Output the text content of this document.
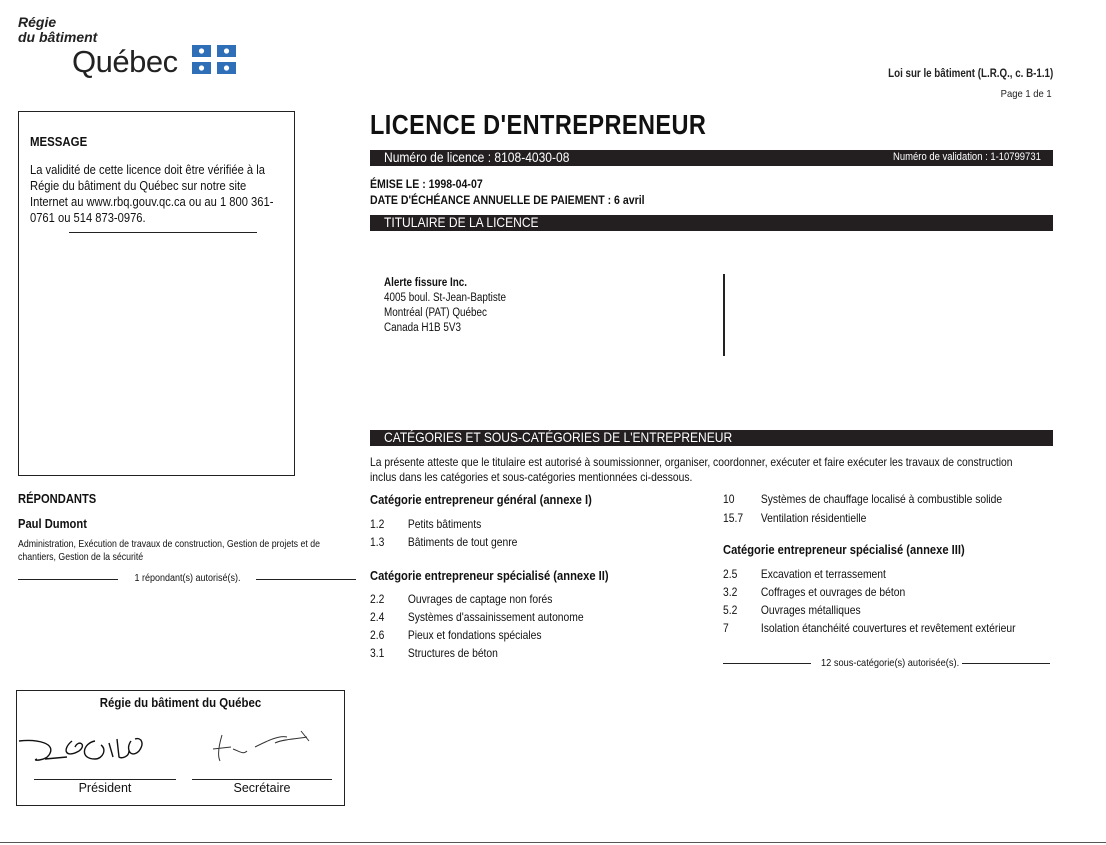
Régie
du bâtiment
Québec	Loi sur le bâtiment (L.R.Q., c. B-1.1)
Page 1 de 1
MESSAGE
La validité de cette licence doit être vérifiée à la Régie du bâtiment du Québec sur notre site Internet au www.rbq.gouv.qc.ca ou au 1 800 361-0761 ou 514 873-0976.
RÉPONDANTS
Paul Dumont
Administration, Exécution de travaux de construction, Gestion de projets et de chantiers, Gestion de la sécurité
1 répondant(s) autorisé(s).
Régie du bâtiment du Québec
Président	Secrétaire
LICENCE D'ENTREPRENEUR
Numéro de licence : 8108-4030-08	Numéro de validation : 1-10799731
ÉMISE LE : 1998-04-07
DATE D'ÉCHÉANCE ANNUELLE DE PAIEMENT : 6 avril
TITULAIRE DE LA LICENCE
Alerte fissure Inc.
4005 boul. St-Jean-Baptiste
Montréal (PAT) Québec
Canada H1B 5V3
CATÉGORIES ET SOUS-CATÉGORIES DE L'ENTREPRENEUR
La présente atteste que le titulaire est autorisé à soumissionner, organiser, coordonner, exécuter et faire exécuter les travaux de construction inclus dans les catégories et sous-catégories mentionnées ci-dessous.
Catégorie entrepreneur général (annexe I)
1.2 Petits bâtiments
1.3 Bâtiments de tout genre
Catégorie entrepreneur spécialisé (annexe II)
2.2 Ouvrages de captage non forés
2.4 Systèmes d'assainissement autonome
2.6 Pieux et fondations spéciales
3.1 Structures de béton
10 Systèmes de chauffage localisé à combustible solide
15.7 Ventilation résidentielle
Catégorie entrepreneur spécialisé (annexe III)
2.5 Excavation et terrassement
3.2 Coffrages et ouvrages de béton
5.2 Ouvrages métalliques
7	Isolation étanchéité couvertures et revêtement extérieur
12 sous-catégorie(s) autorisée(s).
